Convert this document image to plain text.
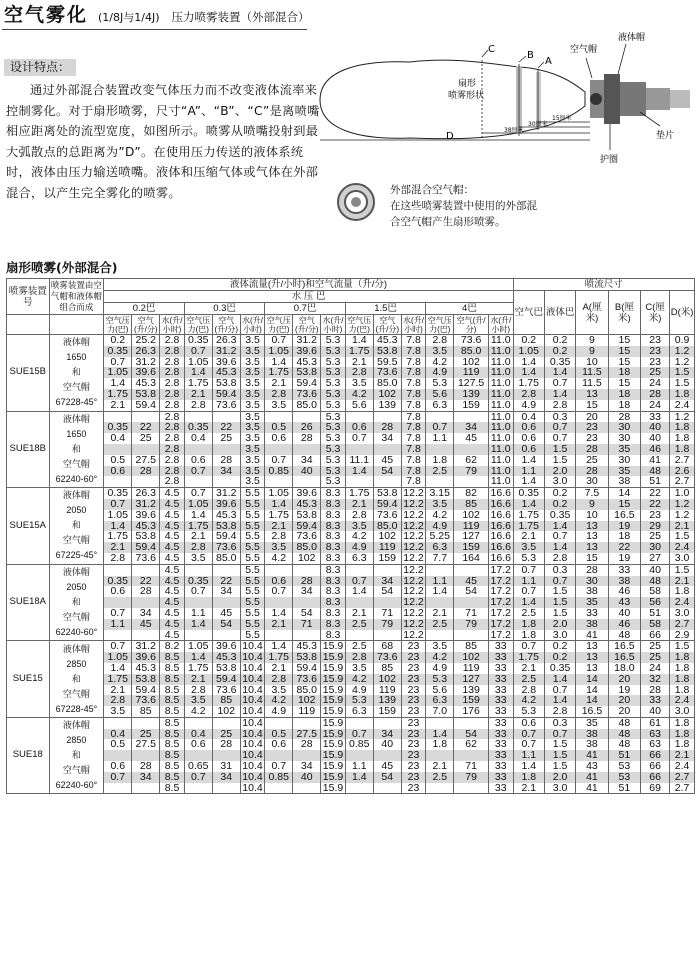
空气雾化 (1/8J与1/4J) 压力喷雾装置（外部混合）
设计特点：
通过外部混合装置改变气体压力而不改变液体流率来控制雾化。对于扇形喷雾，尺寸“A”、“B”、“C”是离喷嘴相应距离处的流型宽度，如图所示。喷雾从喷嘴投射到最大弧散点的总距离为”D”。在使用压力传送的液体系统时，液体由压力输送喷嘴。液体和压缩气体或气体在外部混合，以产生完全雾化的喷雾。
C
B
A
扇形
喷雾形状
空气帽
液体帽
垫片
护圈
15厘米
30厘米
38厘米
D
外部混合空气帽：
在这些喷雾装置中使用的外部混
合空气帽产生扇形喷雾。
扇形喷雾(外部混合)
喷雾装置号	喷雾装置由空气帽和液体帽组合而成	液体流量(升/小时)和空气流量（升/分)															喷流尺寸					
		水 压 巴															空气巴	液体巴	A(厘米)	B(厘米)	C(厘米)	D(米)
		0.2巴			0.3巴			0.7巴			1.5巴			4巴								
		空气压力(巴)	空气(升/分)	水(升/小时)	空气压力(巴)	空气(升/分)	水(升/小时)	空气压力(巴)	空气(升/分)	水(升/小时)	空气压力(巴)	空气(升/分)	水(升/小时)	空气压力(巴)	空气(升/分)	水(升/小时)						
SUE15B	液体帽
1650
和
空气帽
67228-45°	0.2	25.2	2.8	0.35	26.3	3.5	0.7	31.2	5.3	1.4	45.3	7.8	2.8	73.6	11.0	0.2	0.2	9	15	23	0.9
		0.35	26.3	2.8	0.7	31.2	3.5	1.05	39.6	5.3	1.75	53.8	7.8	3.5	85.0	11.0	1.05	0.2	9	15	23	1.2
		0.7	31.2	2.8	1.05	39.6	3.5	1.4	45.3	5.3	2.1	59.5	7.8	4.2	102	11.0	1.4	0.35	10	15	23	1.2
		1.05	39.6	2.8	1.4	45.3	3.5	1.75	53.8	5.3	2.8	73.6	7.8	4.9	119	11.0	1.4	1.4	11.5	18	25	1.5
		1.4	45.3	2.8	1.75	53.8	3.5	2.1	59.4	5.3	3.5	85.0	7.8	5.3	127.5	11.0	1.75	0.7	11.5	15	24	1.5
		1.75	53.8	2.8	2.1	59.4	3.5	2.8	73.6	5.3	4.2	102	7.8	5.6	139	11.0	2.8	1.4	13	18	28	1.8
		2.1	59.4	2.8	2.8	73.6	3.5	3.5	85.0	5.3	5.6	139	7.8	6.3	159	11.0	4.9	2.8	15	18	24	2.4
SUE18B	液体帽
1650
和
空气帽
62240-60°			2.8			3.5			5.3			7.8			11.0	0.4	0.3	20	28	33	1.2
		0.35	22	2.8	0.35	22	3.5	0.5	26	5.3	0.6	28	7.8	0.7	34	11.0	0.6	0.7	23	30	40	1.8
		0.4	25	2.8	0.4	25	3.5	0.6	28	5.3	0.7	34	7.8	1.1	45	11.0	0.6	0.7	23	30	40	1.8
				2.8			3.5			5.3			7.8			11.0	0.6	1.5	28	35	46	1.8
		0.5	27.5	2.8	0.6	28	3.5	0.7	34	5.3	11.1	45	7.8	1.8	62	11.0	1.4	1.5	25	30	41	2.7
		0.6	28	2.8	0.7	34	3.5	0.85	40	5.3	1.4	54	7.8	2.5	79	11.0	1.1	2.0	28	35	48	2.6
				2.8			3.5			5.3			7.8			11.0	1.4	3.0	30	38	51	2.7
SUE15A	液体帽
2050
和
空气帽
67225-45°	0.35	26.3	4.5	0.7	31.2	5.5	1.05	39.6	8.3	1.75	53.8	12.2	3.15	82	16.6	0.35	0.2	7.5	14	22	1.0
		0.7	31.2	4.5	1.05	39.6	5.5	1.4	45.3	8.3	2.1	59.4	12.2	3.5	85	16.6	1.4	0.2	9	15	22	1.2
		1.05	39.6	4.5	1.4	45.3	5.5	1.75	53.8	8.3	2.8	73.6	12.2	4.2	102	16.6	1.75	0.35	10	16.5	23	1.2
		1.4	45.3	4.5	1.75	53.8	5.5	2.1	59.4	8.3	3.5	85.0	12.2	4.9	119	16.6	1.75	1.4	13	19	29	2.1
		1.75	53.8	4.5	2.1	59.4	5.5	2.8	73.6	8.3	4.2	102	12.2	5.25	127	16.6	2.1	0.7	13	18	25	1.5
		2.1	59.4	4.5	2.8	73.6	5.5	3.5	85.0	8.3	4.9	119	12.2	6.3	159	16.6	3.5	1.4	13	22	30	2.4
		2.8	73.6	4.5	3.5	85.0	5.5	4.2	102	8.3	6.3	159	12.2	7.7	164	16.6	5.3	2.8	15	19	27	3.0
SUE18A	液体帽
2050
和
空气帽
62240-60°			4.5			5.5			8.3			12.2			17.2	0.7	0.3	28	33	40	1.5
		0.35	22	4.5	0.35	22	5.5	0.6	28	8.3	0.7	34	12.2	1.1	45	17.2	1.1	0.7	30	38	48	2.1
		0.6	28	4.5	0.7	34	5.5	0.7	34	8.3	1.4	54	12.2	1.4	54	17.2	0.7	1.5	38	46	58	1.8
				4.5			5.5			8.3			12.2			17.2	1.4	1.5	35	43	56	2.4
		0.7	34	4.5	1.1	45	5.5	1.4	54	8.3	2.1	71	12.2	2.1	71	17.2	2.5	1.5	33	40	51	3.0
		1.1	45	4.5	1.4	54	5.5	2.1	71	8.3	2.5	79	12.2	2.5	79	17.2	1.8	2.0	38	46	58	2.7
				4.5			5.5			8.3			12.2			17.2	1.8	3.0	41	48	66	2.9
SUE15	液体帽
2850
和
空气帽
67228-45°	0.7	31.2	8.2	1.05	39.6	10.4	1.4	45.3	15.9	2.5	68	23	3.5	85	33	0.7	0.2	13	16.5	25	1.5
		1.05	39.6	8.5	1.4	45.3	10.4	1.75	53.8	15.9	2.8	73.6	23	4.2	102	33	1.75	0.2	13	16.5	25	1.8
		1.4	45.3	8.5	1.75	53.8	10.4	2.1	59.4	15.9	3.5	85	23	4.9	119	33	2.1	0.35	13	18.0	24	1.8
		1.75	53.8	8.5	2.1	59.4	10.4	2.8	73.6	15.9	4.2	102	23	5.3	127	33	2.5	1.4	14	20	32	1.8
		2.1	59.4	8.5	2.8	73.6	10.4	3.5	85.0	15.9	4.9	119	23	5.6	139	33	2.8	0.7	14	19	28	1.8
		2.8	73.6	8.5	3.5	85	10.4	4.2	102	15.9	5.3	139	23	6.3	159	33	4.2	1.4	14	20	33	2.4
		3.5	85	8.5	4.2	102	10.4	4.9	119	15.9	6.3	159	23	7.0	176	33	5.3	2.8	16.5	20	40	3.0
SUE18	液体帽
2850
和
空气帽
62240-60°			8.5			10.4			15.9			23			33	0.6	0.3	35	48	61	1.8
		0.4	25	8.5	0.4	25	10.4	0.5	27.5	15.9	0.7	34	23	1.4	54	33	0.7	0.7	38	48	63	1.8
		0.5	27.5	8.5	0.6	28	10.4	0.6	28	15.9	0.85	40	23	1.8	62	33	0.7	1.5	38	48	63	1.8
				8.5			10.4			15.9			23			33	1.1	1.5	41	51	66	2.1
		0.6	28	8.5	0.65	31	10.4	0.7	34	15.9	1.1	45	23	2.1	71	33	1.4	1.5	43	53	66	2.4
		0.7	34	8.5	0.7	34	10.4	0.85	40	15.9	1.4	54	23	2.5	79	33	1.8	2.0	41	53	66	2.7
				8.5			10.4			15.9			23			33	2.1	3.0	41	51	69	2.7
